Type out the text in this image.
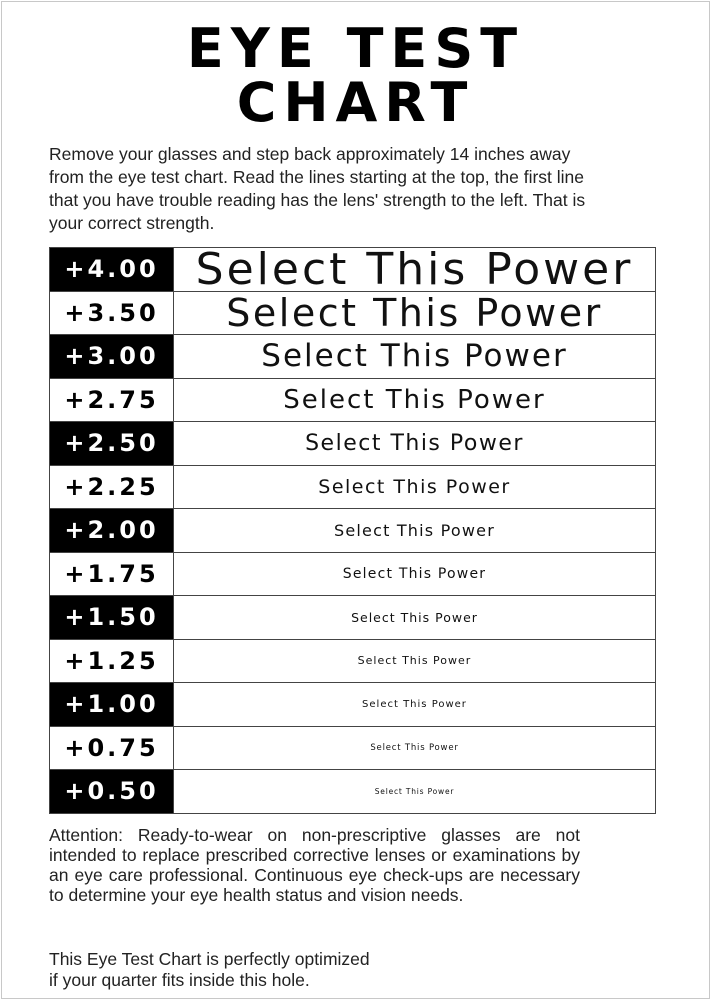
EYE TEST
CHART
Remove your glasses and step back approximately 14 inches away from the eye test chart. Read the lines starting at the top, the first line that you have trouble reading has the lens' strength to the left. That is your correct strength.
+4.00 Select This Power
+3.50	Select This Power
+3.00	Select This Power
+2.75	Select This Power
+2.50	Select This Power
+2.25	Select This Power
+2.00	Select This Power
+1.75	Select This Power
+1.50	Select This Power
+1.25	Select This Power
+1.00	Select This Power
+0.75	Select This Power
+0.50	Select This Power
Attention: Ready-to-wear on non-prescriptive glasses are not intended to replace prescribed corrective lenses or examinations by an eye care professional. Continuous eye check-ups are necessary to determine your eye health status and vision needs.
This Eye Test Chart is perfectly optimized
if your quarter fits inside this hole.
